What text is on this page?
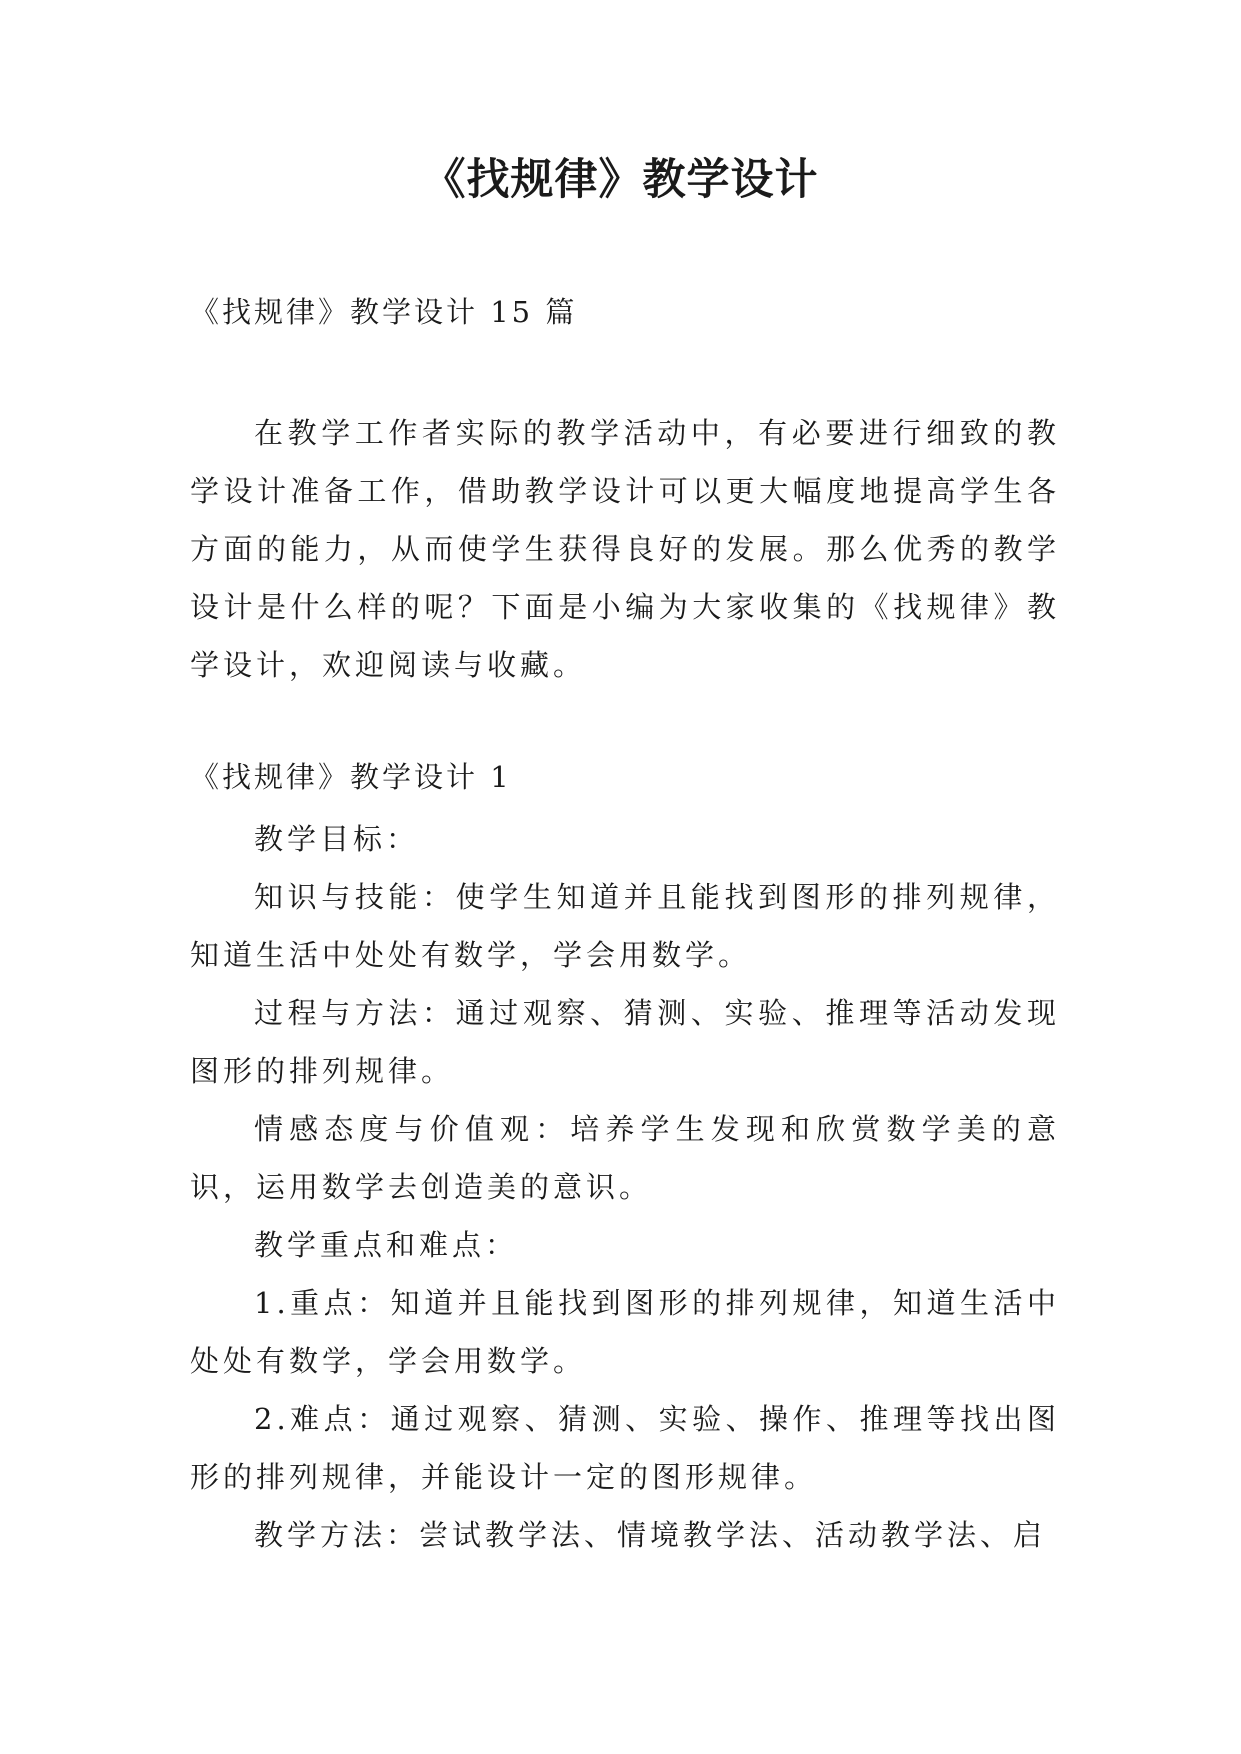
《找规律》教学设计

《找规律》教学设计 15 篇

在教学工作者实际的教学活动中，有必要进行细致的教学设计准备工作，借助教学设计可以更大幅度地提高学生各方面的能力，从而使学生获得良好的发展。那么优秀的教学设计是什么样的呢？下面是小编为大家收集的《找规律》教学设计，欢迎阅读与收藏。

《找规律》教学设计 1

教学目标：

知识与技能：使学生知道并且能找到图形的排列规律，知道生活中处处有数学，学会用数学。

过程与方法：通过观察、猜测、实验、推理等活动发现图形的排列规律。

情感态度与价值观：培养学生发现和欣赏数学美的意识，运用数学去创造美的意识。

教学重点和难点：

1.重点：知道并且能找到图形的排列规律，知道生活中处处有数学，学会用数学。

2.难点：通过观察、猜测、实验、操作、推理等找出图形的排列规律，并能设计一定的图形规律。

教学方法：尝试教学法、情境教学法、活动教学法、启
